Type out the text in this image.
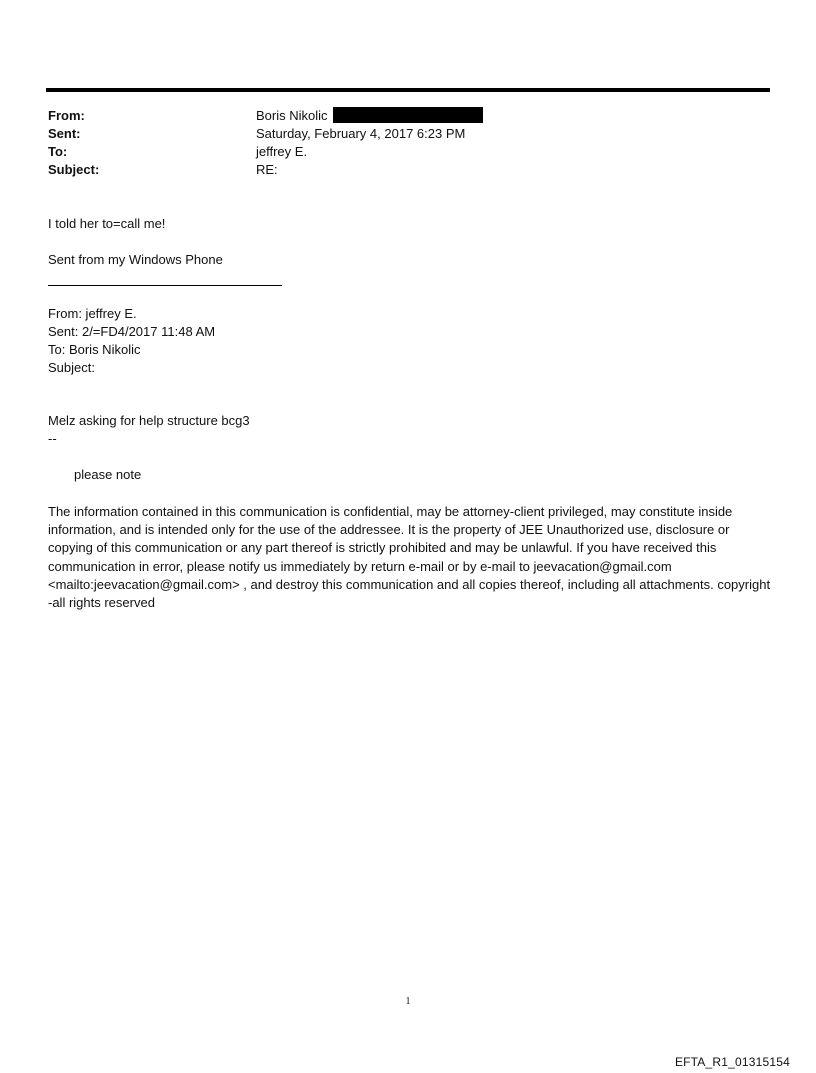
From:	Boris Nikolic
Sent:	Saturday, February 4, 2017 6:23 PM
To:	jeffrey E.
Subject:	RE:
I told her to=call me!
Sent from my Windows Phone
From: jeffrey E.
Sent: 2/=FD4/2017 11:48 AM
To: Boris Nikolic
Subject:
Melz asking for help structure bcg3
--
please note
The information contained in this communication is confidential, may be attorney-client privileged, may constitute inside information, and is intended only for the use of the addressee. It is the property of JEE Unauthorized use, disclosure or copying of this communication or any part thereof is strictly prohibited and may be unlawful. If you have received this communication in error, please notify us immediately by return e-mail or by e-mail to jeevacation@gmail.com <mailto:jeevacation@gmail.com> , and destroy this communication and all copies thereof, including all attachments. copyright -all rights reserved
1
EFTA_R1_01315154
